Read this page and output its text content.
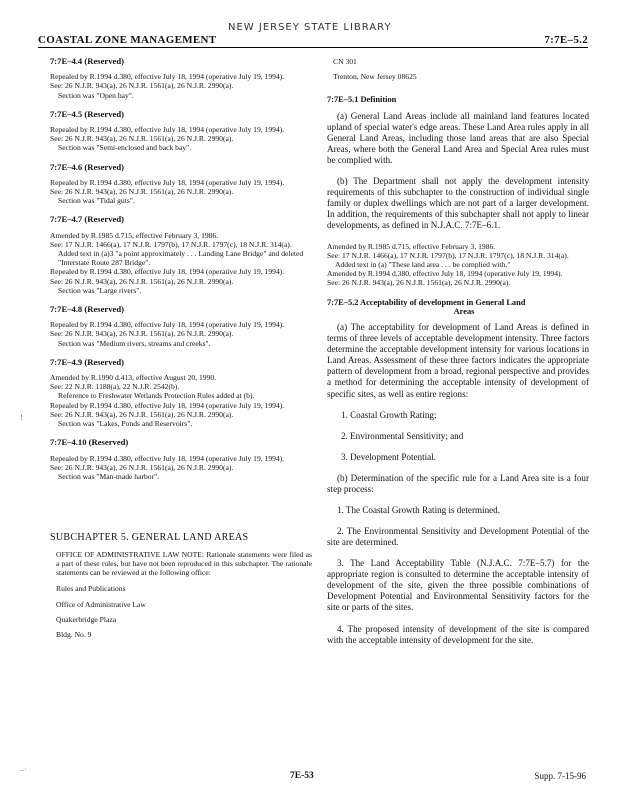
NEW JERSEY STATE LIBRARY
COASTAL ZONE MANAGEMENT	7:7E–5.2
!
–·
7:7E–4.4 (Reserved)

Repealed by R.1994 d.380, effective July 18, 1994 (operative July 19, 1994).

See: 26 N.J.R. 943(a), 26 N.J.R. 1561(a), 26 N.J.R. 2990(a).

Section was "Open bay".

7:7E–4.5 (Reserved)

Repealed by R.1994 d.380, effective July 18, 1994 (operative July 19, 1994).

See: 26 N.J.R. 943(a), 26 N.J.R. 1561(a), 26 N.J.R. 2990(a).

Section was "Semi-enclosed and back bay".

7:7E–4.6 (Reserved)

Repealed by R.1994 d.380, effective July 18, 1994 (operative July 19, 1994).

See: 26 N.J.R. 943(a), 26 N.J.R. 1561(a), 26 N.J.R. 2990(a).

Section was "Tidal guts".

7:7E–4.7 (Reserved)

Amended by R.1985 d.715, effective February 3, 1986.

See: 17 N.J.R. 1466(a), 17 N.J.R. 1797(b), 17 N.J.R. 1797(c), 18 N.J.R. 314(a).

Added text in (a)3 "a point approximately . . . Landing Lane Bridge" and deleted "Interstate Route 287 Bridge".

Repealed by R.1994 d.380, effective July 18, 1994 (operative July 19, 1994).

See: 26 N.J.R. 943(a), 26 N.J.R. 1561(a), 26 N.J.R. 2990(a).

Section was "Large rivers".

7:7E–4.8 (Reserved)

Repealed by R.1994 d.380, effective July 18, 1994 (operative July 19, 1994).

See: 26 N.J.R. 943(a), 26 N.J.R. 1561(a), 26 N.J.R. 2990(a).

Section was "Medium rivers, streams and creeks".

7:7E–4.9 (Reserved)

Amended by R.1990 d.413, effective August 20, 1990.

See: 22 N.J.R. 1188(a), 22 N.J.R. 2542(b).

Reference to Freshwater Wetlands Protection Rules added at (b).

Repealed by R.1994 d.380, effective July 18, 1994 (operative July 19, 1994).

See: 26 N.J.R. 943(a), 26 N.J.R. 1561(a), 26 N.J.R. 2990(a).

Section was "Lakes, Ponds and Reservoirs".

7:7E–4.10 (Reserved)

Repealed by R.1994 d.380, effective July 18, 1994 (operative July 19, 1994).

See: 26 N.J.R. 943(a), 26 N.J.R. 1561(a), 26 N.J.R. 2990(a).

Section was "Man-made harbor".

SUBCHAPTER 5. GENERAL LAND AREAS

OFFICE OF ADMINISTRATIVE LAW NOTE: Rationale statements were filed as a part of these rules, but have not been reproduced in this subchapter. The rationale statements can be reviewed at the following office:

Rules and Publications

Office of Administrative Law

Quakerbridge Plaza

Bldg. No. 9

CN 301

Trenton, New Jersey 08625

7:7E–5.1 Definition

(a) General Land Areas include all mainland land features located upland of special water's edge areas. These Land Area rules apply in all General Land Areas, including those land areas that are also Special Areas, where both the General Land Area and Special Area rules must be complied with.

(b) The Department shall not apply the development intensity requirements of this subchapter to the construction of individual single family or duplex dwellings which are not part of a larger development. In addition, the requirements of this subchapter shall not apply to linear developments, as defined in N.J.A.C. 7:7E–6.1.

Amended by R.1985 d.715, effective February 3, 1986.

See: 17 N.J.R. 1466(a), 17 N.J.R. 1797(b), 17 N.J.R. 1797(c), 18 N.J.R. 314(a).

Added text in (a) "These land area . . . be complied with."

Amended by R.1994 d.380, effective July 18, 1994 (operative July 19, 1994).

See: 26 N.J.R. 943(a), 26 N.J.R. 1561(a), 26 N.J.R. 2990(a).

7:7E–5.2 Acceptability of development in General Land
Areas

(a) The acceptability for development of Land Areas is defined in terms of three levels of acceptable development intensity. Three factors determine the acceptable development intensity for various locations in Land Areas. Assessment of these three factors indicates the appropriate pattern of development from a broad, regional perspective and provides a method for determining the acceptable intensity of development of specific sites, as well as entire regions:

1. Coastal Growth Rating;

2. Environmental Sensitivity; and

3. Development Potential.

(b) Determination of the specific rule for a Land Area site is a four step process:

1. The Coastal Growth Rating is determined.

2. The Environmental Sensitivity and Development Potential of the site are determined.

3. The Land Acceptability Table (N.J.A.C. 7:7E–5.7) for the appropriate region is consulted to determine the acceptable intensity of development of the site, given the three possible combinations of Development Potential and Environmental Sensitivity factors for the site or parts of the sites.

4. The proposed intensity of development of the site is compared with the acceptable intensity of development for the site.

7E-53	Supp. 7-15-96
